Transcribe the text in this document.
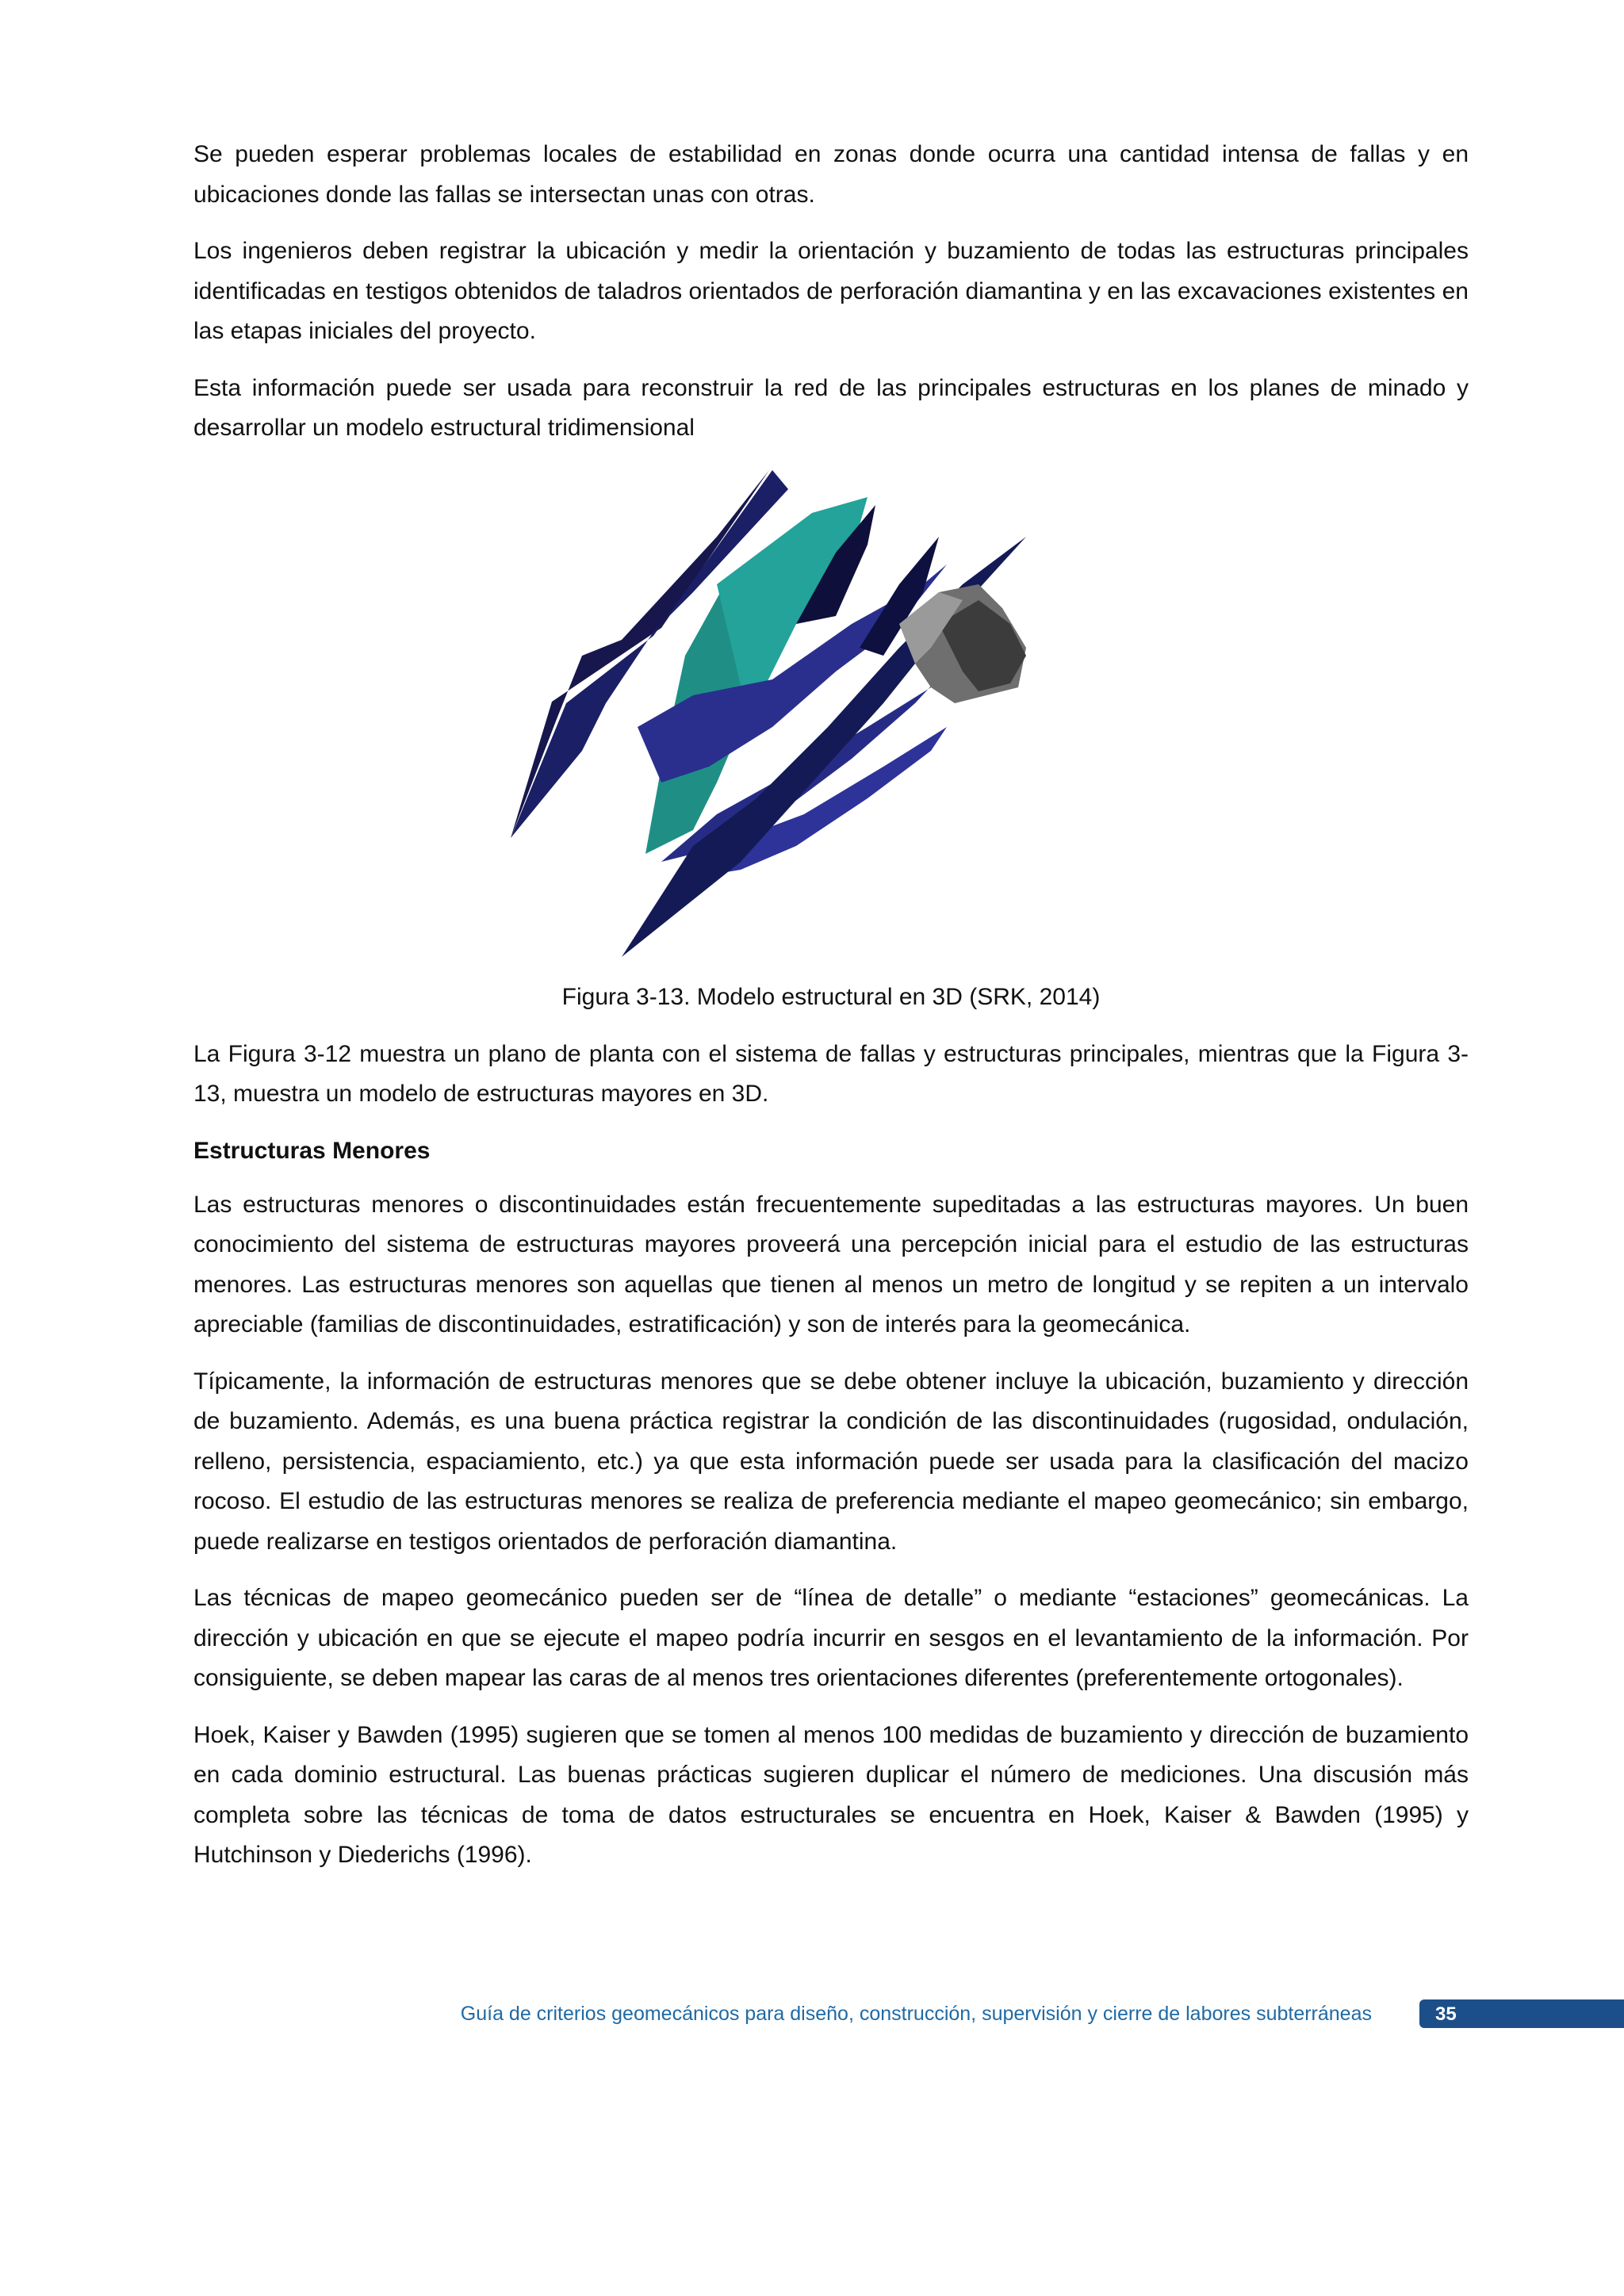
Se pueden esperar problemas locales de estabilidad en zonas donde ocurra una cantidad intensa de fallas y en ubicaciones donde las fallas se intersectan unas con otras.

Los ingenieros deben registrar la ubicación y medir la orientación y buzamiento de todas las estructuras principales identificadas en testigos obtenidos de taladros orientados de perforación diamantina y en las excavaciones existentes en las etapas iniciales del proyecto.

Esta información puede ser usada para reconstruir la red de las principales estructuras en los planes de minado y desarrollar un modelo estructural tridimensional

Figura 3-13. Modelo estructural en 3D (SRK, 2014)

La Figura 3-12 muestra un plano de planta con el sistema de fallas y estructuras principales, mientras que la Figura 3-13, muestra un modelo de estructuras mayores en 3D.

Estructuras Menores

Las estructuras menores o discontinuidades están frecuentemente supeditadas a las estructuras mayores. Un buen conocimiento del sistema de estructuras mayores proveerá una percepción inicial para el estudio de las estructuras menores. Las estructuras menores son aquellas que tienen al menos un metro de longitud y se repiten a un intervalo apreciable (familias de discontinuidades, estratificación) y son de interés para la geomecánica.

Típicamente, la información de estructuras menores que se debe obtener incluye la ubicación, buzamiento y dirección de buzamiento. Además, es una buena práctica registrar la condición de las discontinuidades (rugosidad, ondulación, relleno, persistencia, espaciamiento, etc.) ya que esta información puede ser usada para la clasificación del macizo rocoso. El estudio de las estructuras menores se realiza de preferencia mediante el mapeo geomecánico; sin embargo, puede realizarse en testigos orientados de perforación diamantina.

Las técnicas de mapeo geomecánico pueden ser de “línea de detalle” o mediante “estaciones” geomecánicas. La dirección y ubicación en que se ejecute el mapeo podría incurrir en sesgos en el levantamiento de la información. Por consiguiente, se deben mapear las caras de al menos tres orientaciones diferentes (preferentemente ortogonales).

Hoek, Kaiser y Bawden (1995) sugieren que se tomen al menos 100 medidas de buzamiento y dirección de buzamiento en cada dominio estructural. Las buenas prácticas sugieren duplicar el número de mediciones. Una discusión más completa sobre las técnicas de toma de datos estructurales se encuentra en Hoek, Kaiser & Bawden (1995) y Hutchinson y Diederichs (1996).

Guía de criterios geomecánicos para diseño, construcción, supervisión y cierre de labores subterráneas	35
